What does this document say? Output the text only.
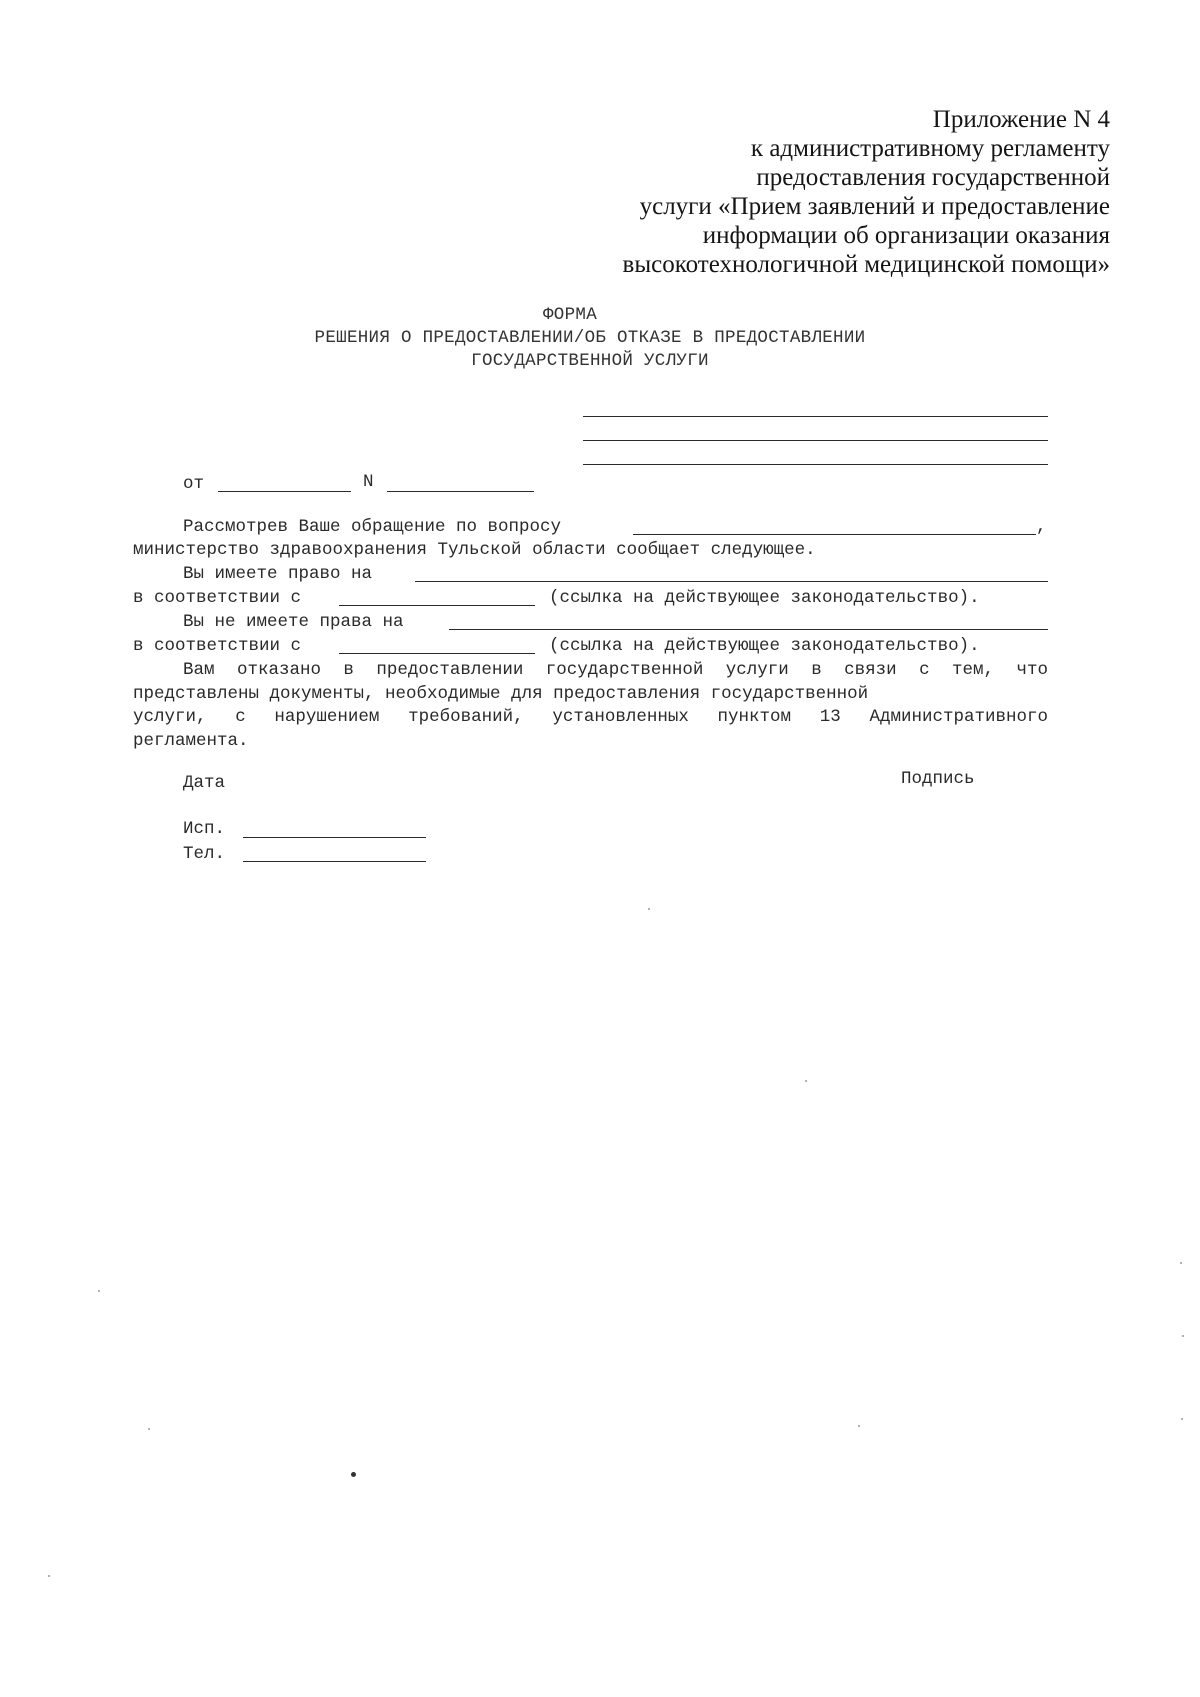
Приложение N 4
к административному регламенту
предоставления государственной
услуги «Прием заявлений и предоставление
информации об организации оказания
высокотехнологичной медицинской помощи»
ФОРМА
РЕШЕНИЯ О ПРЕДОСТАВЛЕНИИ/ОБ ОТКАЗЕ В ПРЕДОСТАВЛЕНИИ
ГОСУДАРСТВЕННОЙ УСЛУГИ
от	N
Рассмотрев Ваше обращение по вопросу	,
министерство здравоохранения Тульской области сообщает следующее.
Вы имеете право на
в соответствии с	(ссылка на действующее законодательство).
Вы не имеете права на
в соответствии с	(ссылка на действующее законодательство).
Вам отказано в предоставлении государственной услуги в связи с тем, что
представлены документы, необходимые для предоставления государственной
услуги, с нарушением требований, установленных пунктом 13 Административного
регламента.
Дата	Подпись
Исп.
Тел.
